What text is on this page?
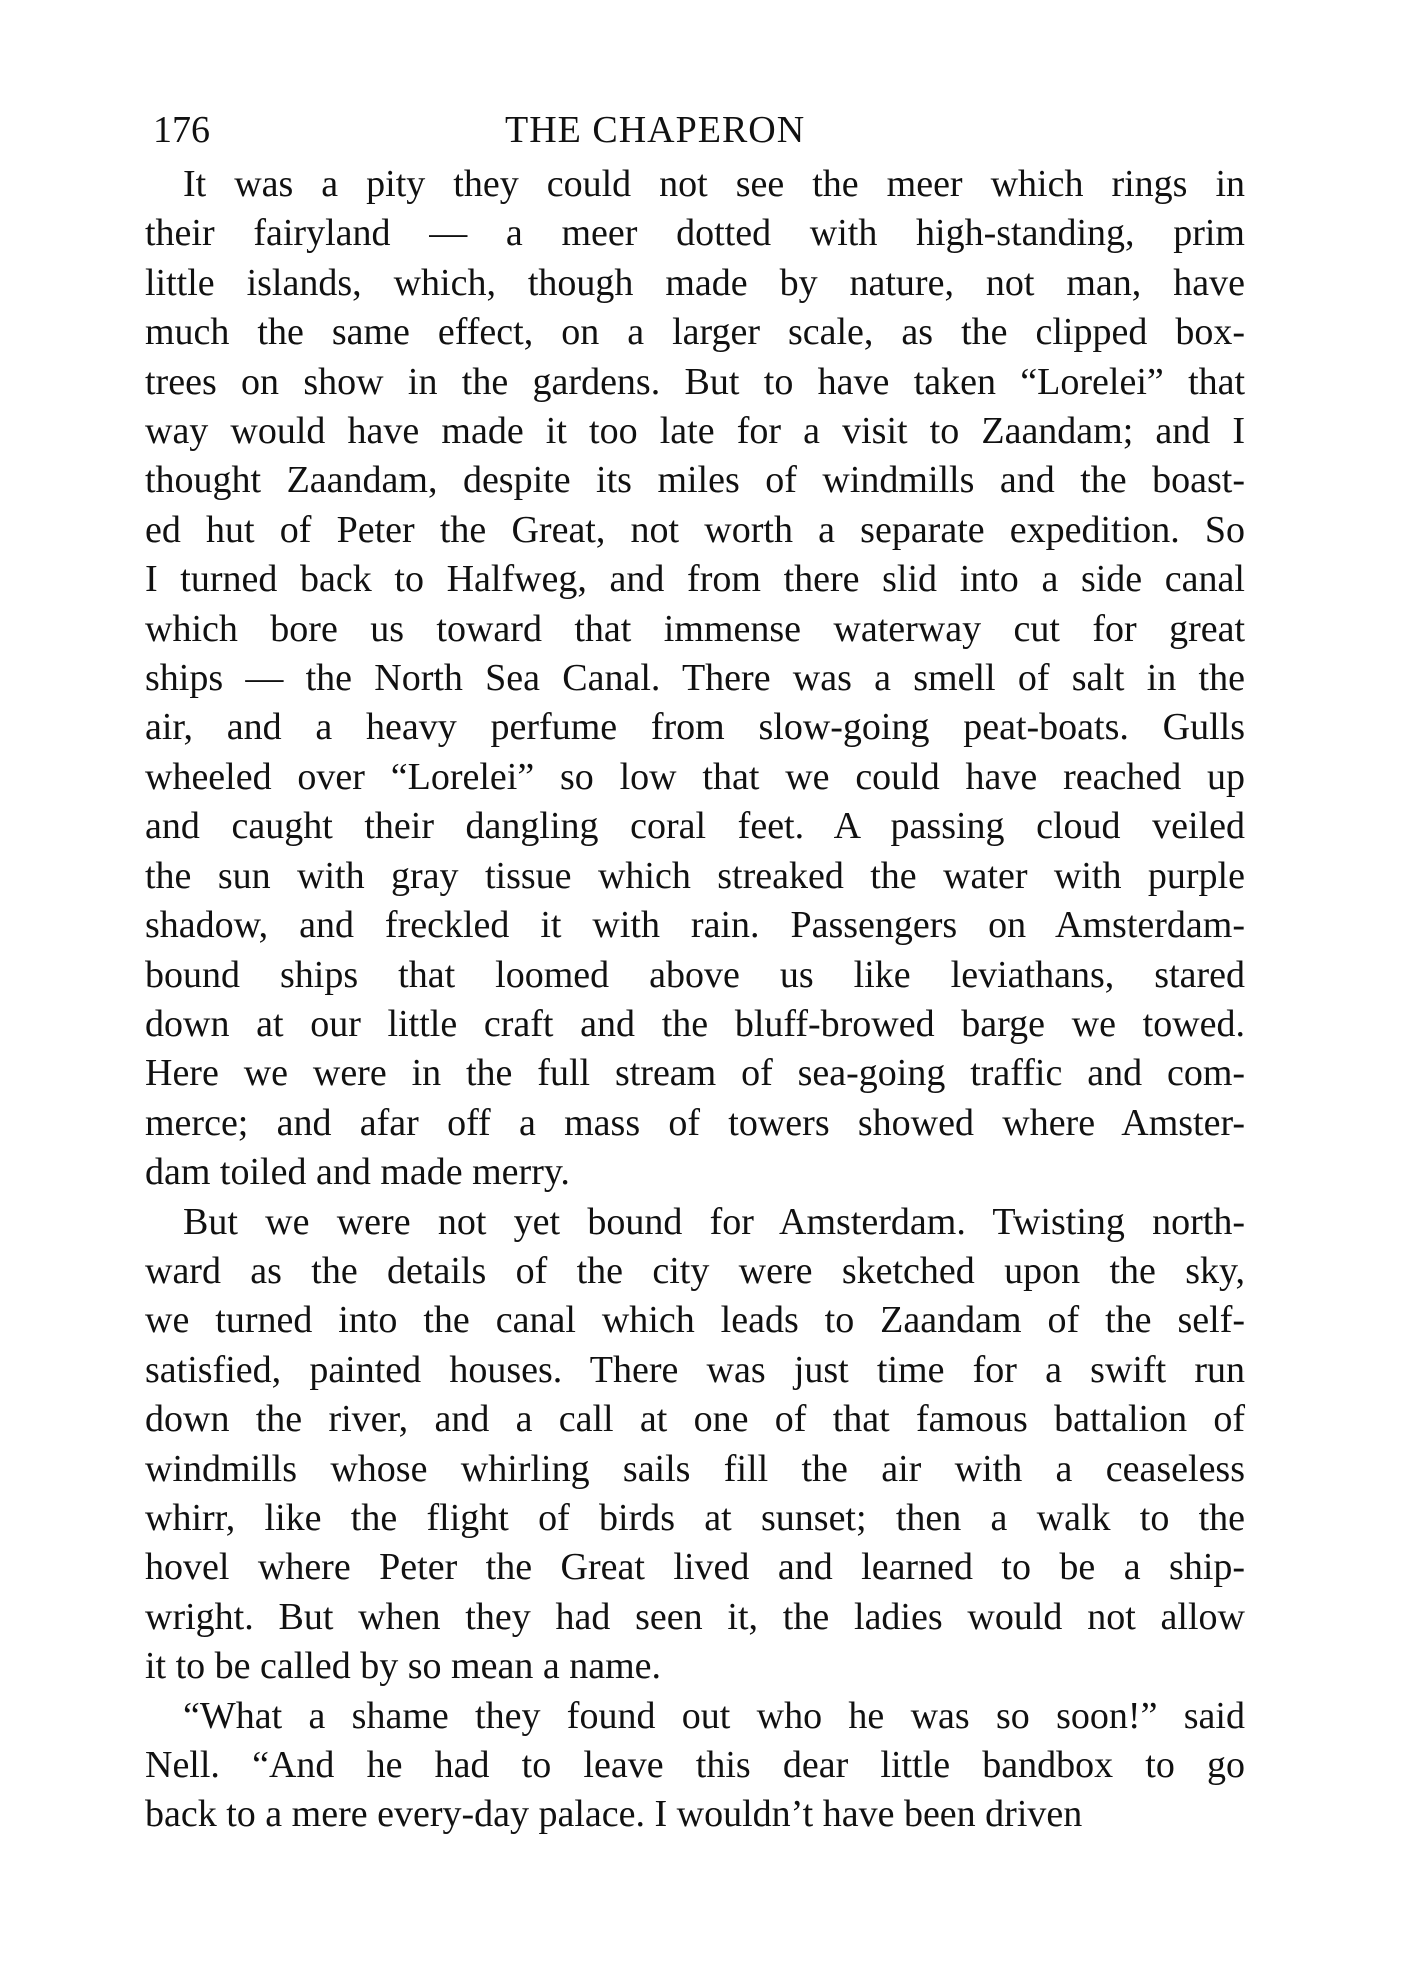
176	THE CHAPERON
It was a pity they could not see the meer which rings in
their fairyland — a meer dotted with high-standing, prim
little islands, which, though made by nature, not man, have
much the same effect, on a larger scale, as the clipped box-
trees on show in the gardens. But to have taken “Lorelei” that
way would have made it too late for a visit to Zaandam; and I
thought Zaandam, despite its miles of windmills and the boast-
ed hut of Peter the Great, not worth a separate expedition. So
I turned back to Halfweg, and from there slid into a side canal
which bore us toward that immense waterway cut for great
ships — the North Sea Canal. There was a smell of salt in the
air, and a heavy perfume from slow-going peat-boats. Gulls
wheeled over “Lorelei” so low that we could have reached up
and caught their dangling coral feet. A passing cloud veiled
the sun with gray tissue which streaked the water with purple
shadow, and freckled it with rain. Passengers on Amsterdam-
bound ships that loomed above us like leviathans, stared
down at our little craft and the bluff-browed barge we towed.
Here we were in the full stream of sea-going traffic and com-
merce; and afar off a mass of towers showed where Amster-
dam toiled and made merry.
But we were not yet bound for Amsterdam. Twisting north-
ward as the details of the city were sketched upon the sky,
we turned into the canal which leads to Zaandam of the self-
satisfied, painted houses. There was just time for a swift run
down the river, and a call at one of that famous battalion of
windmills whose whirling sails fill the air with a ceaseless
whirr, like the flight of birds at sunset; then a walk to the
hovel where Peter the Great lived and learned to be a ship-
wright. But when they had seen it, the ladies would not allow
it to be called by so mean a name.
“What a shame they found out who he was so soon!” said
Nell. “And he had to leave this dear little bandbox to go
back to a mere every-day palace. I wouldn’t have been driven
